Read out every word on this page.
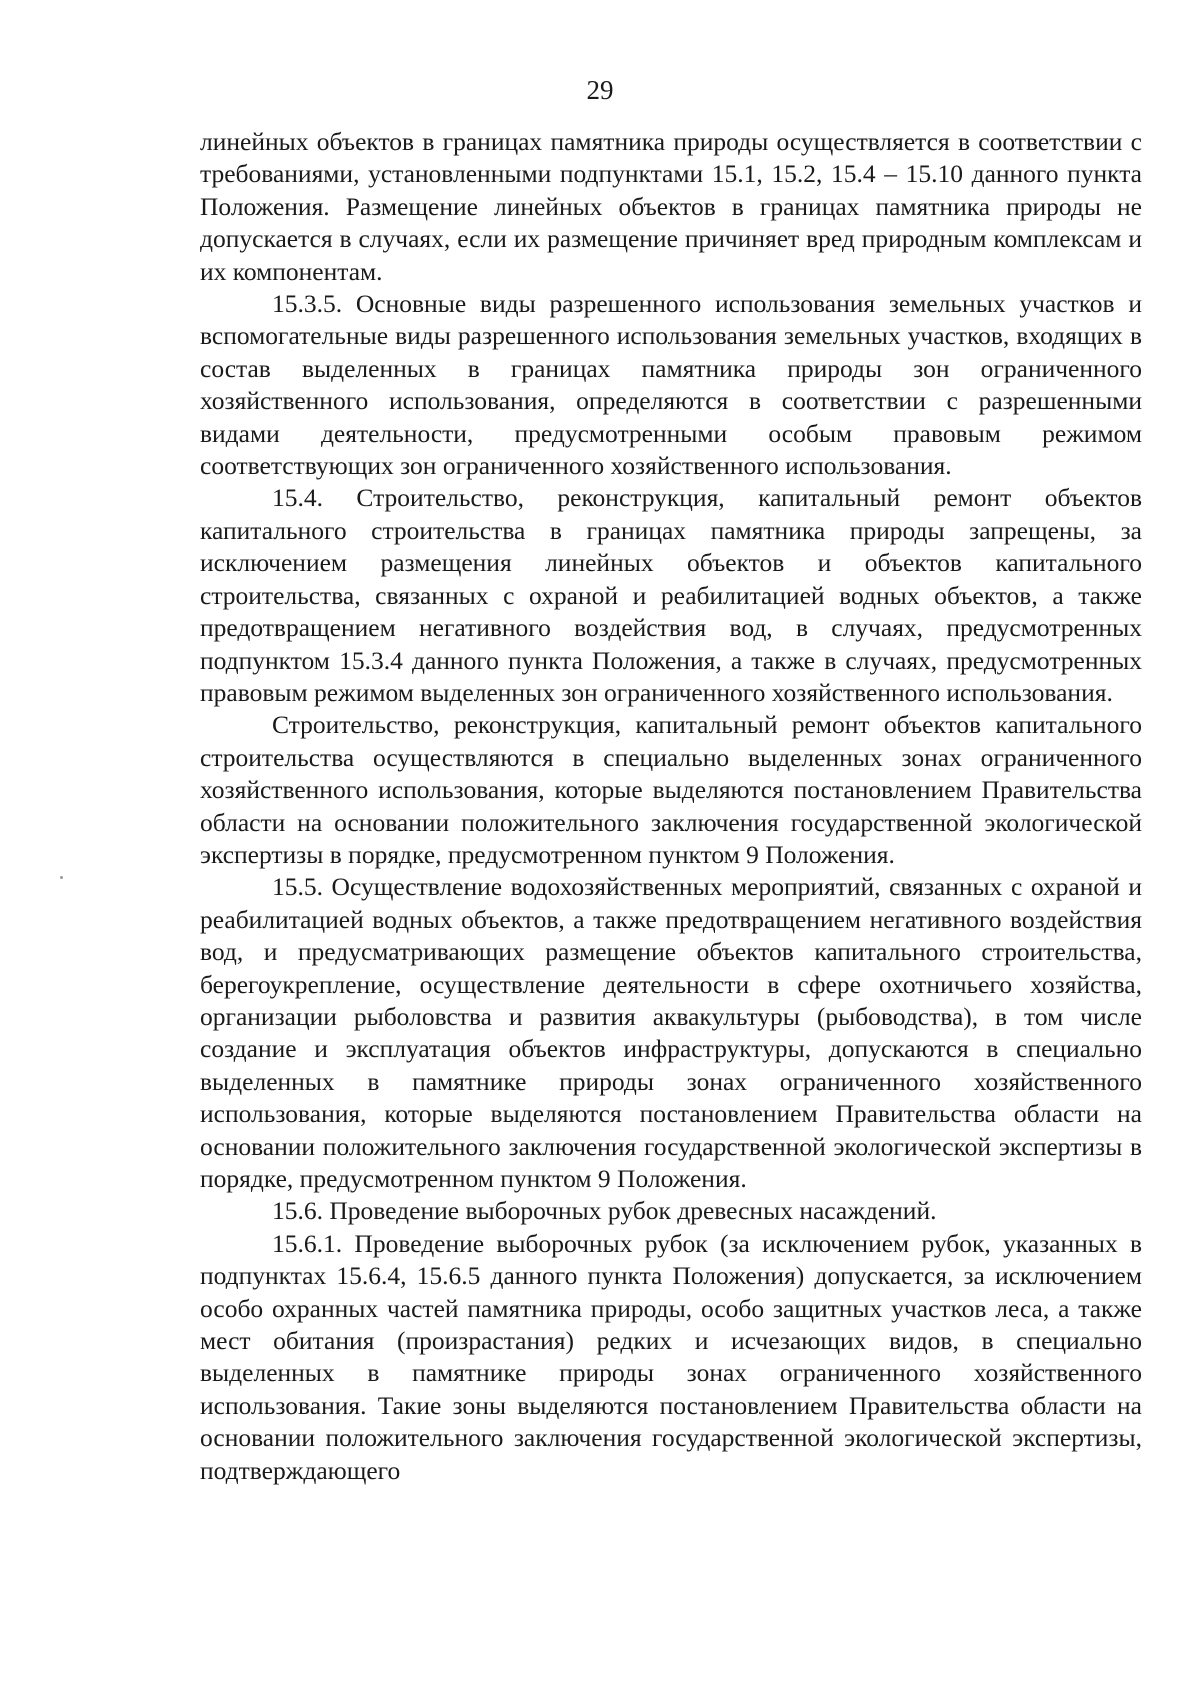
29

линейных объектов в границах памятника природы осуществляется в соответствии с требованиями, установленными подпунктами 15.1, 15.2, 15.4 – 15.10 данного пункта Положения. Размещение линейных объектов в границах памятника природы не допускается в случаях, если их размещение причиняет вред природным комплексам и их компонентам.

15.3.5. Основные виды разрешенного использования земельных участков и вспомогательные виды разрешенного использования земельных участков, входящих в состав выделенных в границах памятника природы зон ограниченного хозяйственного использования, определяются в соответствии с разрешенными видами деятельности, предусмотренными особым правовым режимом соответствующих зон ограниченного хозяйственного использования.

15.4. Строительство, реконструкция, капитальный ремонт объектов капитального строительства в границах памятника природы запрещены, за исключением размещения линейных объектов и объектов капитального строительства, связанных с охраной и реабилитацией водных объектов, а также предотвращением негативного воздействия вод, в случаях, предусмотренных подпунктом 15.3.4 данного пункта Положения, а также в случаях, предусмотренных правовым режимом выделенных зон ограниченного хозяйственного использования.

Строительство, реконструкция, капитальный ремонт объектов капитального строительства осуществляются в специально выделенных зонах ограниченного хозяйственного использования, которые выделяются постановлением Правительства области на основании положительного заключения государственной экологической экспертизы в порядке, предусмотренном пунктом 9 Положения.

15.5. Осуществление водохозяйственных мероприятий, связанных с охраной и реабилитацией водных объектов, а также предотвращением негативного воздействия вод, и предусматривающих размещение объектов капитального строительства, берегоукрепление, осуществление деятельности в сфере охотничьего хозяйства, организации рыболовства и развития аквакультуры (рыбоводства), в том числе создание и эксплуатация объектов инфраструктуры, допускаются в специально выделенных в памятнике природы зонах ограниченного хозяйственного использования, которые выделяются постановлением Правительства области на основании положительного заключения государственной экологической экспертизы в порядке, предусмотренном пунктом 9 Положения.

15.6. Проведение выборочных рубок древесных насаждений.

15.6.1. Проведение выборочных рубок (за исключением рубок, указанных в подпунктах 15.6.4, 15.6.5 данного пункта Положения) допускается, за исключением особо охранных частей памятника природы, особо защитных участков леса, а также мест обитания (произрастания) редких и исчезающих видов, в специально выделенных в памятнике природы зонах ограниченного хозяйственного использования. Такие зоны выделяются постановлением Правительства области на основании положительного заключения государственной экологической экспертизы, подтверждающего
